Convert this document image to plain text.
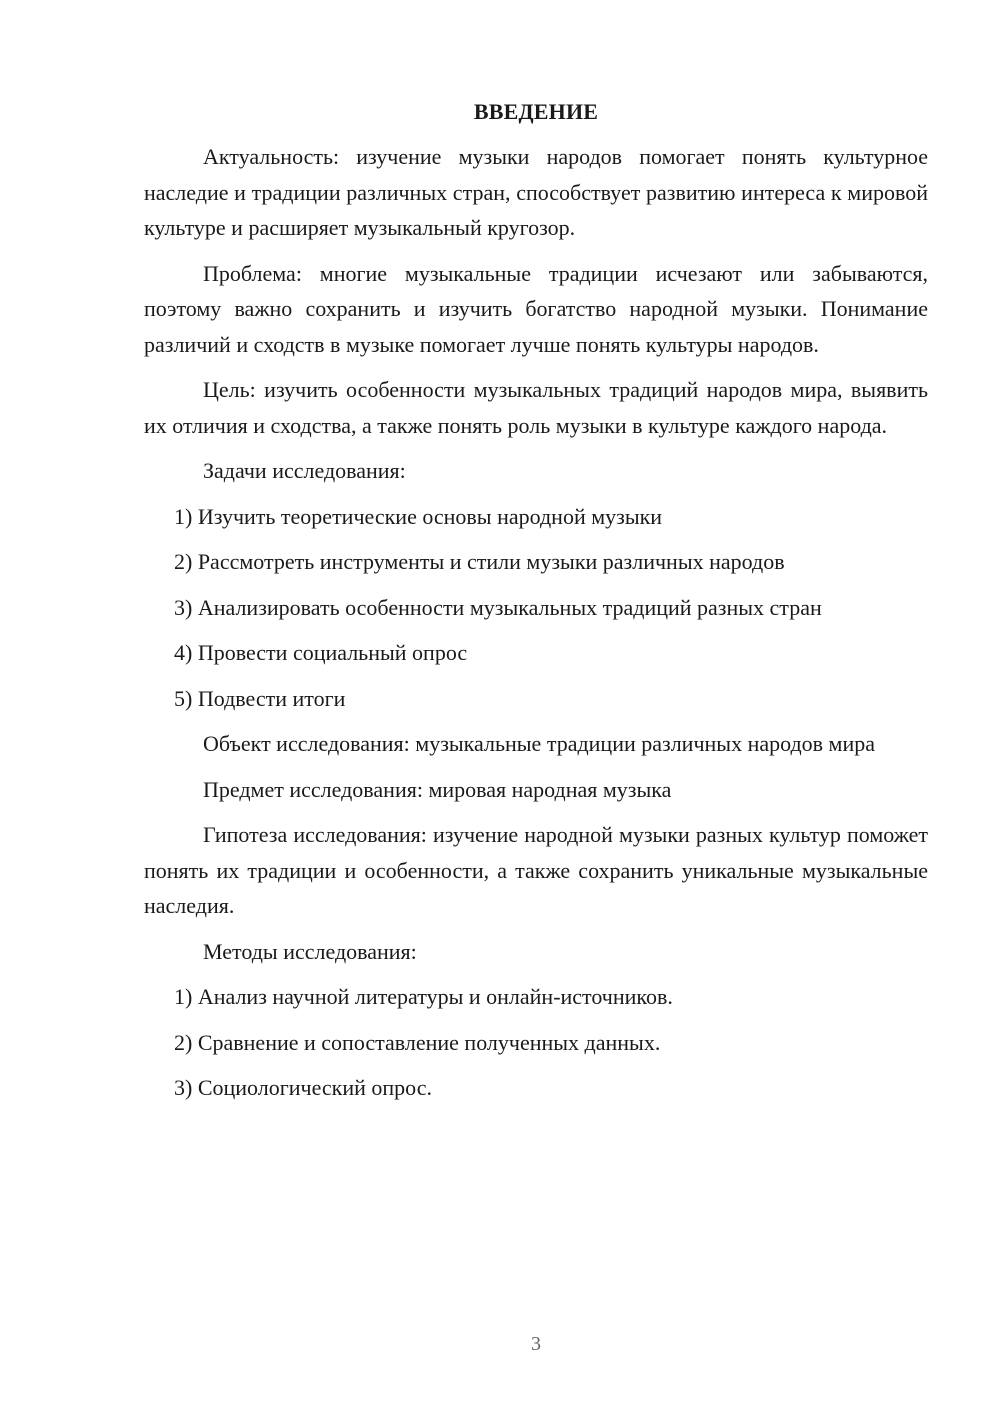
ВВЕДЕНИЕ

Актуальность: изучение музыки народов помогает понять культурное наследие и традиции различных стран, способствует развитию интереса к мировой культуре и расширяет музыкальный кругозор.

Проблема: многие музыкальные традиции исчезают или забываются, поэтому важно сохранить и изучить богатство народной музыки. Понимание различий и сходств в музыке помогает лучше понять культуры народов.

Цель: изучить особенности музыкальных традиций народов мира, выявить их отличия и сходства, а также понять роль музыки в культуре каждого народа.

Задачи исследования:

1) Изучить теоретические основы народной музыки
2) Рассмотреть инструменты и стили музыки различных народов
3) Анализировать особенности музыкальных традиций разных стран
4) Провести социальный опрос
5) Подвести итоги

Объект исследования: музыкальные традиции различных народов мира

Предмет исследования: мировая народная музыка

Гипотеза исследования: изучение народной музыки разных культур поможет понять их традиции и особенности, а также сохранить уникальные музыкальные наследия.

Методы исследования:

1) Анализ научной литературы и онлайн-источников.
2) Сравнение и сопоставление полученных данных.
3) Социологический опрос.
3
